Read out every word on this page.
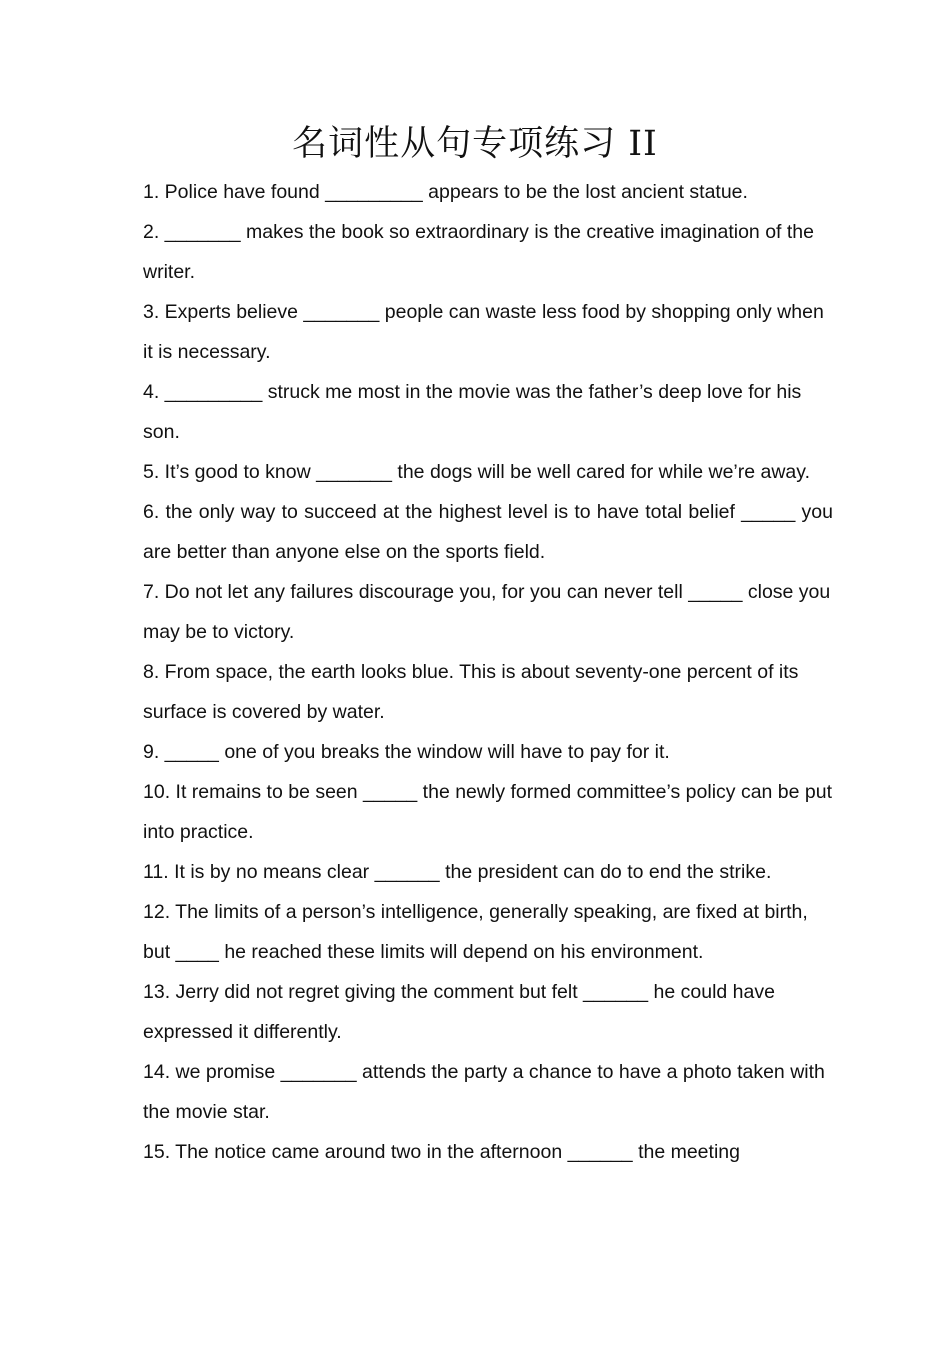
名词性从句专项练习 II

1. Police have found _________ appears to be the lost ancient statue.

2. _______ makes the book so extraordinary is the creative imagination of the writer.

3. Experts believe _______ people can waste less food by shopping only when it is necessary.

4. _________ struck me most in the movie was the father’s deep love for his son.

5. It’s good to know _______ the dogs will be well cared for while we’re away.

6. the only way to succeed at the highest level is to have total belief _____ you are better than anyone else on the sports field.

7. Do not let any failures discourage you, for you can never tell _____ close you may be to victory.

8. From space, the earth looks blue. This is about seventy-one percent of its surface is covered by water.

9. _____ one of you breaks the window will have to pay for it.

10. It remains to be seen _____ the newly formed committee’s policy can be put into practice.

11. It is by no means clear ______ the president can do to end the strike.

12. The limits of a person’s intelligence, generally speaking, are fixed at birth, but ____ he reached these limits will depend on his environment.

13. Jerry did not regret giving the comment but felt ______ he could have expressed it differently.

14. we promise _______ attends the party a chance to have a photo taken with the movie star.

15. The notice came around two in the afternoon ______ the meeting
